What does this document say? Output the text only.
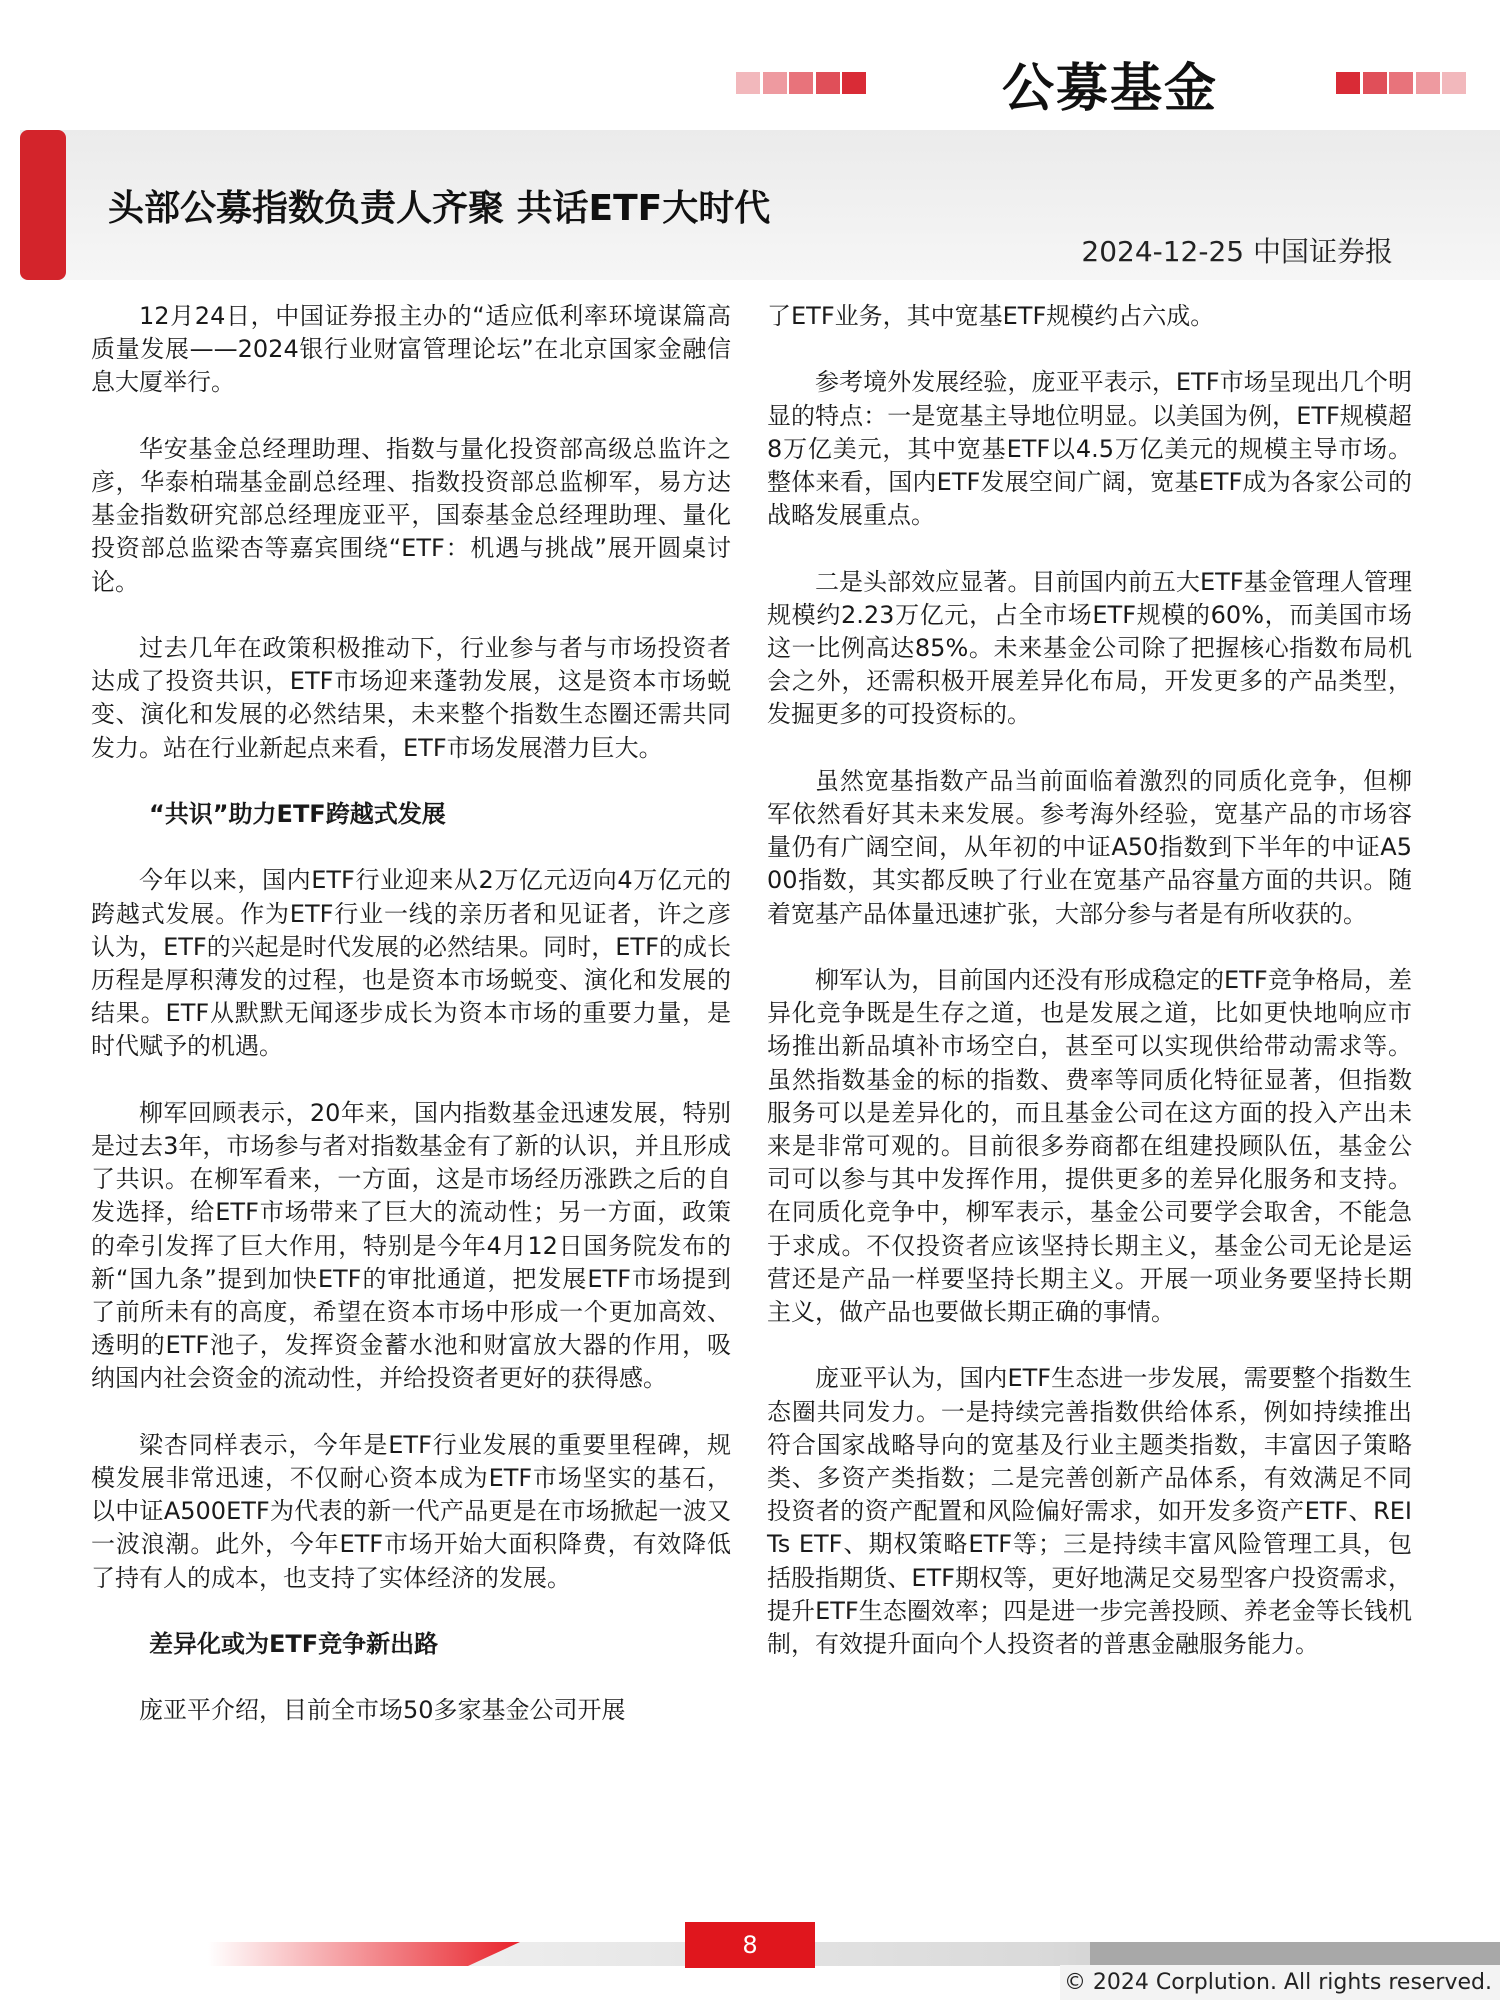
公募基金
头部公募指数负责人齐聚 共话ETF大时代
2024-12-25 中国证券报

12月24日，中国证券报主办的“适应低利率环境谋篇高质量发展——2024银行业财富管理论坛”在北京国家金融信息大厦举行。

华安基金总经理助理、指数与量化投资部高级总监许之彦，华泰柏瑞基金副总经理、指数投资部总监柳军，易方达基金指数研究部总经理庞亚平，国泰基金总经理助理、量化投资部总监梁杏等嘉宾围绕“ETF：机遇与挑战”展开圆桌讨论。

过去几年在政策积极推动下，行业参与者与市场投资者达成了投资共识，ETF市场迎来蓬勃发展，这是资本市场蜕变、演化和发展的必然结果，未来整个指数生态圈还需共同发力。站在行业新起点来看，ETF市场发展潜力巨大。

“共识”助力ETF跨越式发展

今年以来，国内ETF行业迎来从2万亿元迈向4万亿元的跨越式发展。作为ETF行业一线的亲历者和见证者，许之彦认为，ETF的兴起是时代发展的必然结果。同时，ETF的成长历程是厚积薄发的过程，也是资本市场蜕变、演化和发展的结果。ETF从默默无闻逐步成长为资本市场的重要力量，是时代赋予的机遇。

柳军回顾表示，20年来，国内指数基金迅速发展，特别是过去3年，市场参与者对指数基金有了新的认识，并且形成了共识。在柳军看来，一方面，这是市场经历涨跌之后的自发选择，给ETF市场带来了巨大的流动性；另一方面，政策的牵引发挥了巨大作用，特别是今年4月12日国务院发布的新“国九条”提到加快ETF的审批通道，把发展ETF市场提到了前所未有的高度，希望在资本市场中形成一个更加高效、透明的ETF池子，发挥资金蓄水池和财富放大器的作用，吸纳国内社会资金的流动性，并给投资者更好的获得感。

梁杏同样表示，今年是ETF行业发展的重要里程碑，规模发展非常迅速，不仅耐心资本成为ETF市场坚实的基石，以中证A500ETF为代表的新一代产品更是在市场掀起一波又一波浪潮。此外，今年ETF市场开始大面积降费，有效降低了持有人的成本，也支持了实体经济的发展。

差异化或为ETF竞争新出路

庞亚平介绍，目前全市场50多家基金公司开展

了ETF业务，其中宽基ETF规模约占六成。

参考境外发展经验，庞亚平表示，ETF市场呈现出几个明显的特点：一是宽基主导地位明显。以美国为例，ETF规模超8万亿美元，其中宽基ETF以4.5万亿美元的规模主导市场。整体来看，国内ETF发展空间广阔，宽基ETF成为各家公司的战略发展重点。

二是头部效应显著。目前国内前五大ETF基金管理人管理规模约2.23万亿元，占全市场ETF规模的60%，而美国市场这一比例高达85%。未来基金公司除了把握核心指数布局机会之外，还需积极开展差异化布局，开发更多的产品类型，发掘更多的可投资标的。

虽然宽基指数产品当前面临着激烈的同质化竞争，但柳军依然看好其未来发展。参考海外经验，宽基产品的市场容量仍有广阔空间，从年初的中证A50指数到下半年的中证A500指数，其实都反映了行业在宽基产品容量方面的共识。随着宽基产品体量迅速扩张，大部分参与者是有所收获的。

柳军认为，目前国内还没有形成稳定的ETF竞争格局，差异化竞争既是生存之道，也是发展之道，比如更快地响应市场推出新品填补市场空白，甚至可以实现供给带动需求等。虽然指数基金的标的指数、费率等同质化特征显著，但指数服务可以是差异化的，而且基金公司在这方面的投入产出未来是非常可观的。目前很多券商都在组建投顾队伍，基金公司可以参与其中发挥作用，提供更多的差异化服务和支持。在同质化竞争中，柳军表示，基金公司要学会取舍，不能急于求成。不仅投资者应该坚持长期主义，基金公司无论是运营还是产品一样要坚持长期主义。开展一项业务要坚持长期主义，做产品也要做长期正确的事情。

庞亚平认为，国内ETF生态进一步发展，需要整个指数生态圈共同发力。一是持续完善指数供给体系，例如持续推出符合国家战略导向的宽基及行业主题类指数，丰富因子策略类、多资产类指数；二是完善创新产品体系，有效满足不同投资者的资产配置和风险偏好需求，如开发多资产ETF、REITs ETF、期权策略ETF等；三是持续丰富风险管理工具，包括股指期货、ETF期权等，更好地满足交易型客户投资需求，提升ETF生态圈效率；四是进一步完善投顾、养老金等长钱机制，有效提升面向个人投资者的普惠金融服务能力。

8
© 2024 Corplution. All rights reserved.
